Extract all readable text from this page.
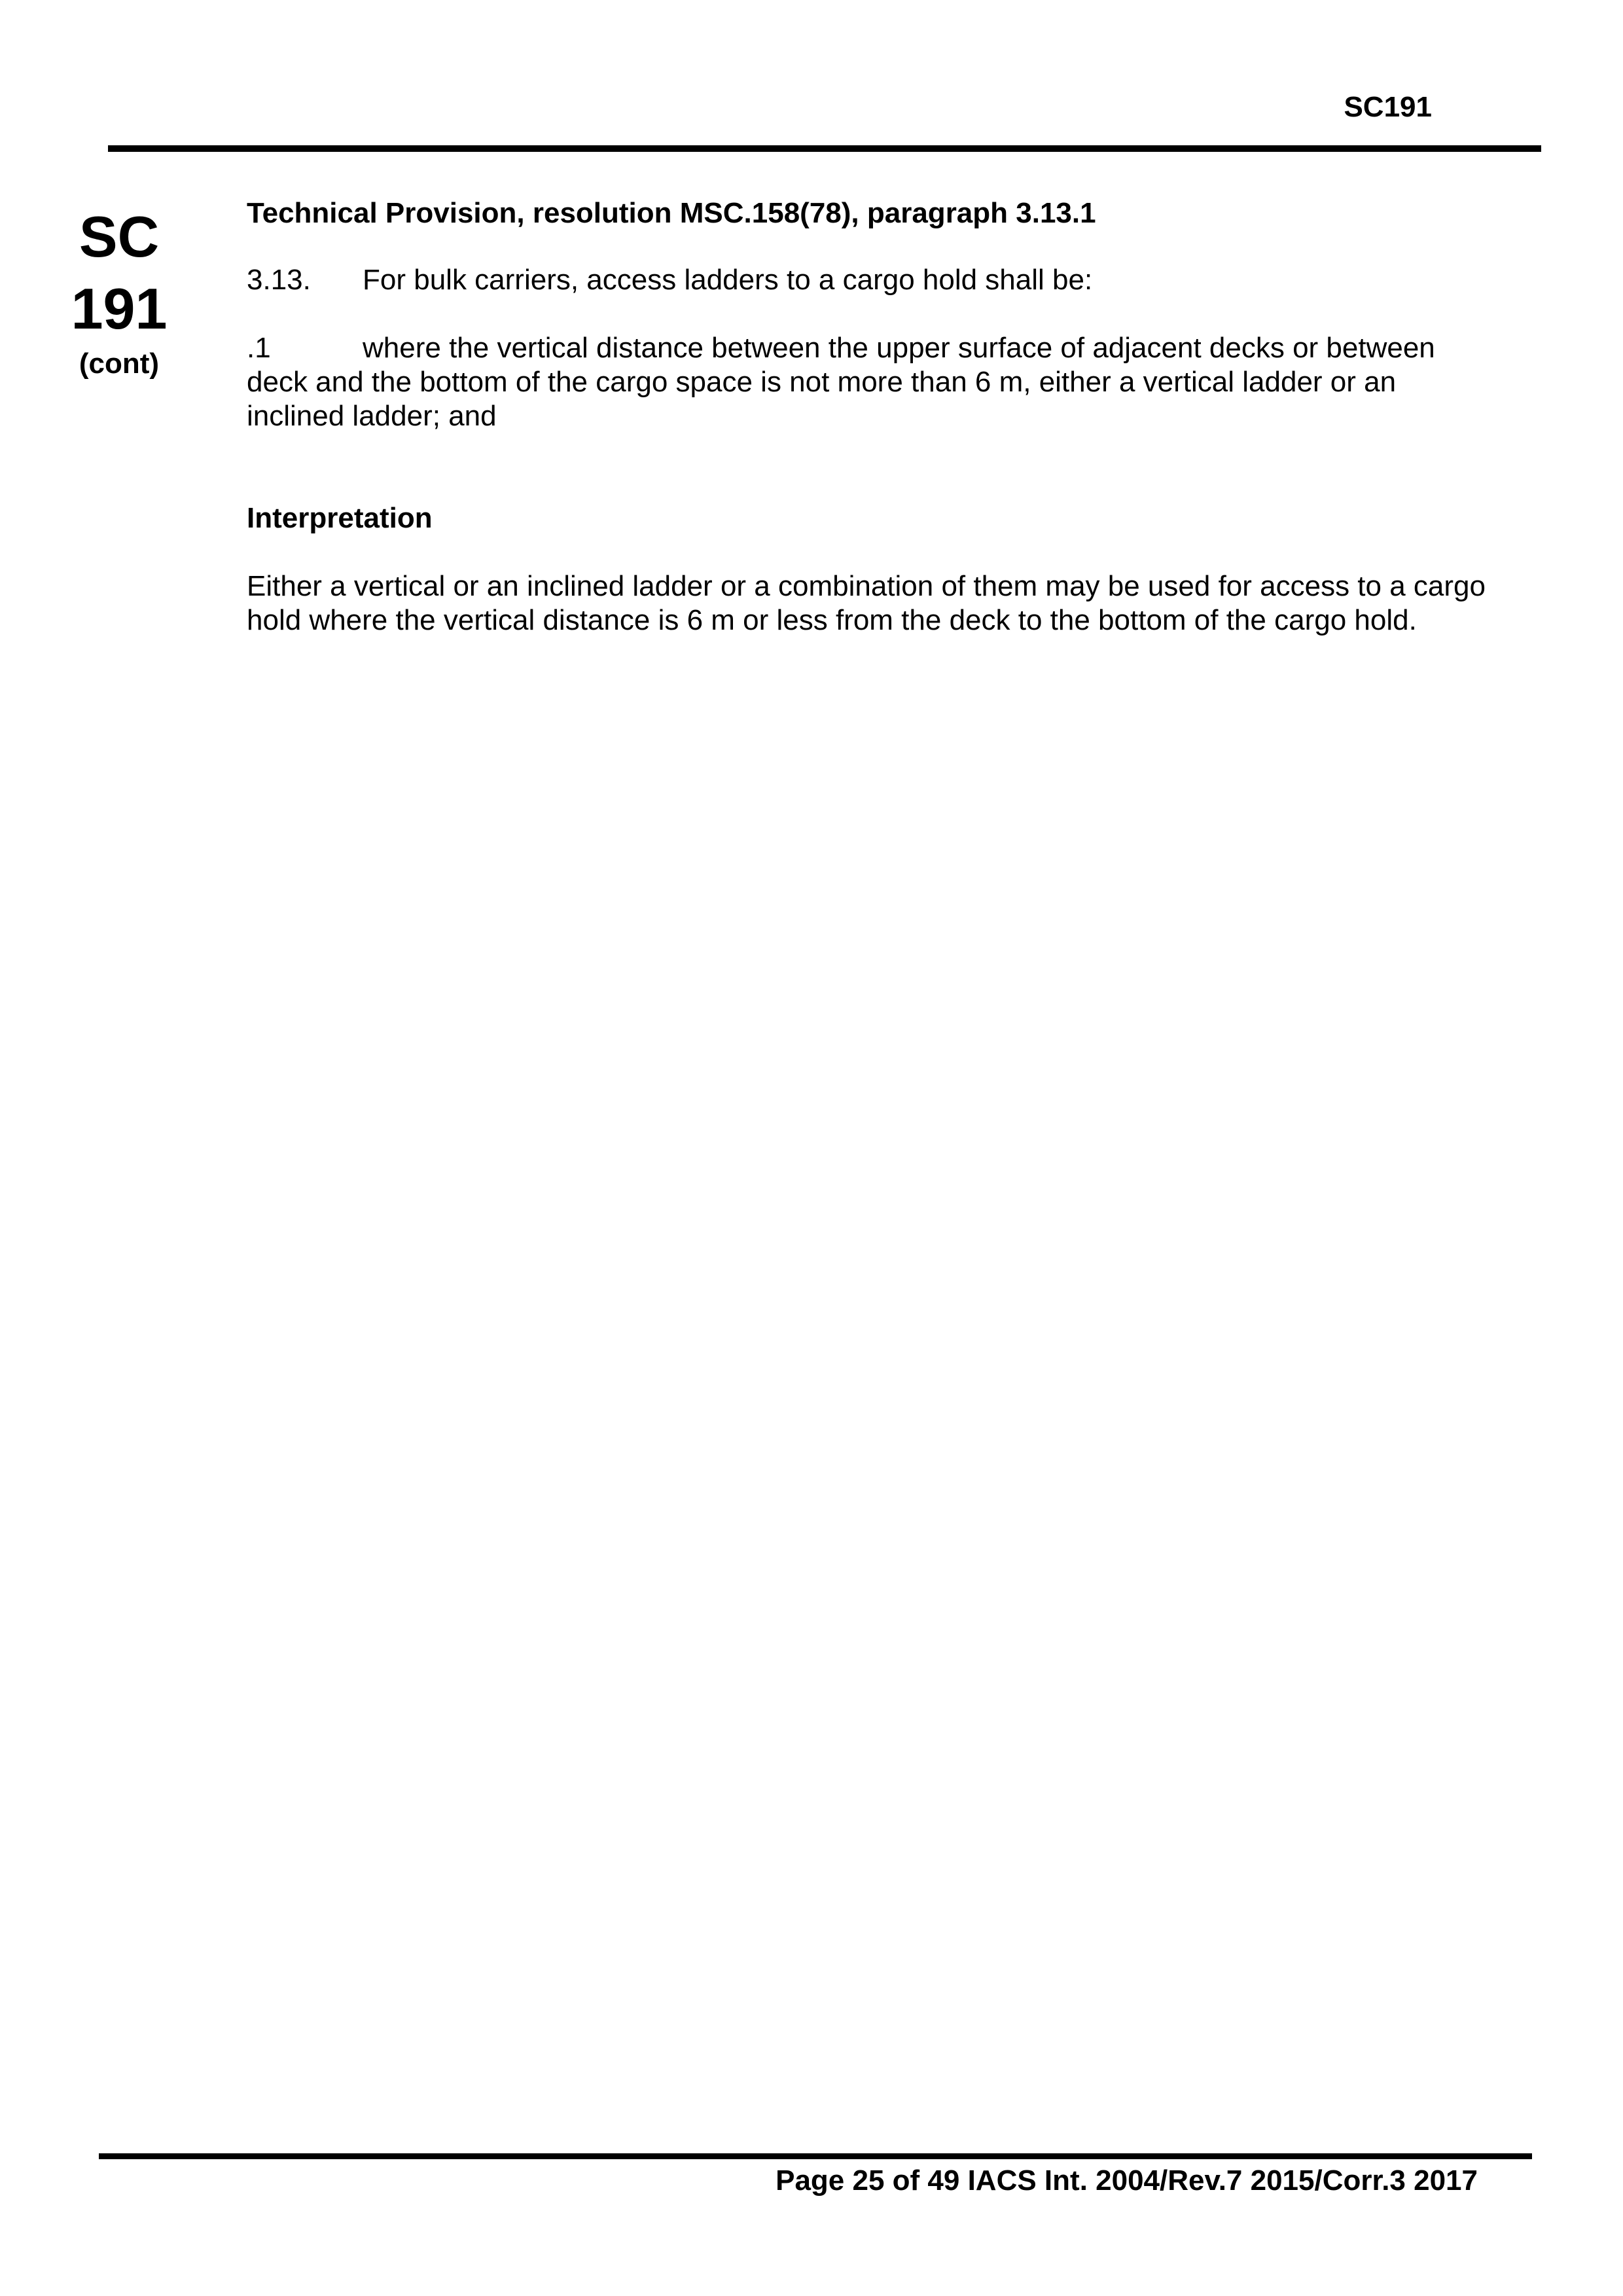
SC191
SC
191
(cont)

Technical Provision, resolution MSC.158(78), paragraph 3.13.1

3.13. For bulk carriers, access ladders to a cargo hold shall be:

.1	where the vertical distance between the upper surface of adjacent decks or between deck and the bottom of the cargo space is not more than 6 m, either a vertical ladder or an inclined ladder; and

Interpretation

Either a vertical or an inclined ladder or a combination of them may be used for access to a cargo hold where the vertical distance is 6 m or less from the deck to the bottom of the cargo hold.

Page 25 of 49 IACS Int. 2004/Rev.7 2015/Corr.3 2017
